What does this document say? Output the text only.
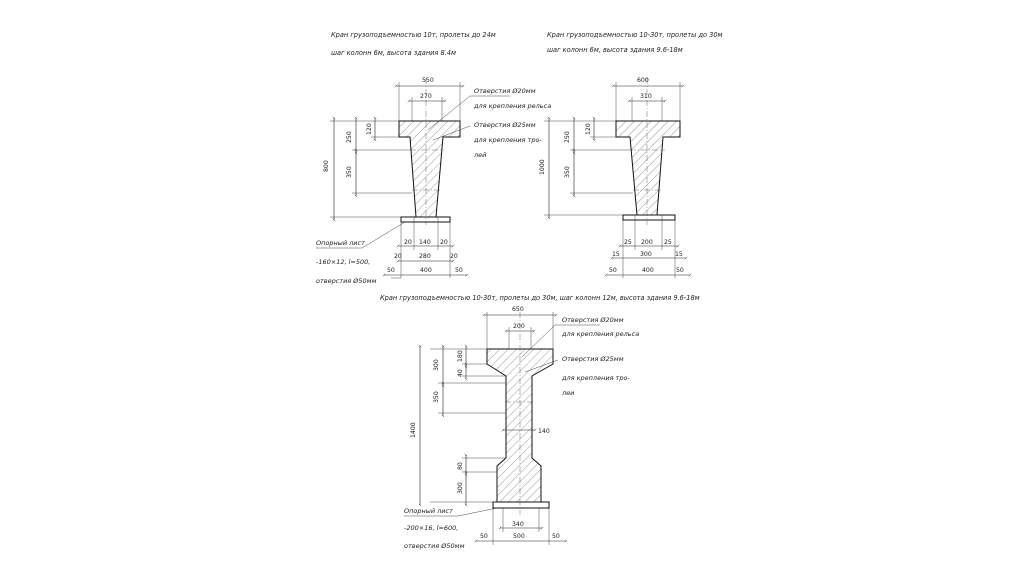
Кран грузоподъемностью 10т, пролеты до 24м
шаг колонн 6м, высота здания 8.4м
550
270
800
250
120
350
Отверстия Ø20мм
для крепления рельса
Отверстия Ø25мм
для крепления тро-
лей
20 140 20
20	280	20
50	400	50
Опорный лист
-160×12, l=500,
отверстия Ø50мм
Кран грузоподъемностью 10-30т, пролеты до 30м
шаг колонн 6м, высота здания 9.6-18м
600
310
1000
250
120
350
25 200 25
15	300	15
50	400	50
Кран грузоподъемностью 10-30т, пролеты до 30м, шаг колонн 12м, высота здания 9.6-18м
650
200
1400
300
180
40
350
80
300
140
Отверстия Ø20мм
для крепления рельса
Отверстия Ø25мм
для крепления тро-
леи
340
50	500	50
Опорный лист
-200×16, l=600,
отверстия Ø50мм
